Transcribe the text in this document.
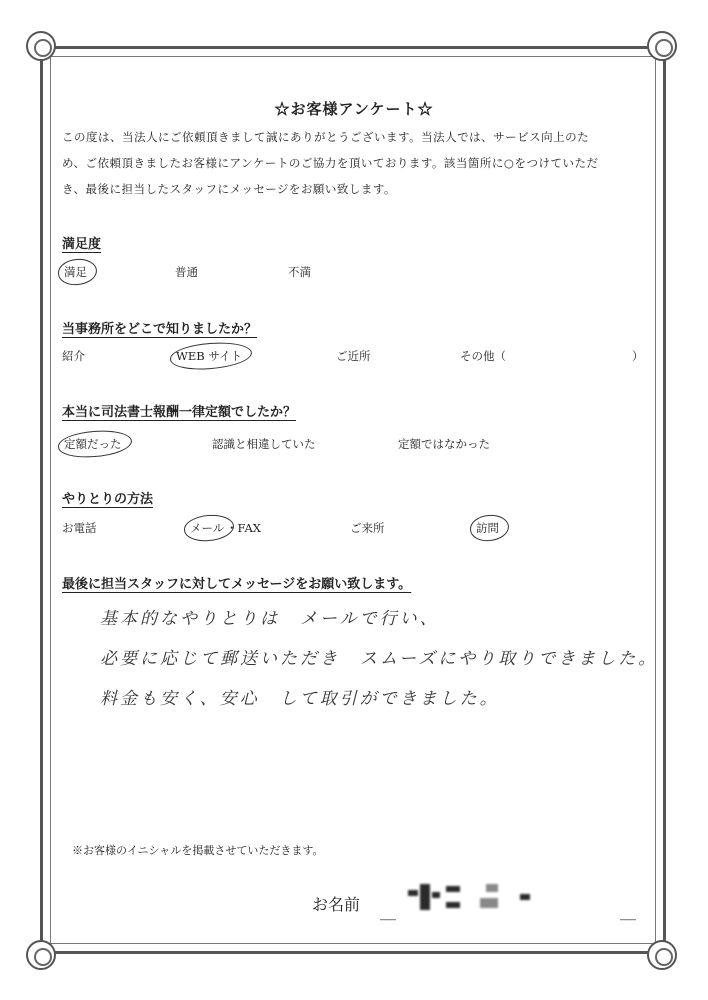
☆お客様アンケート☆

この度は、当法人にご依頼頂きまして誠にありがとうございます。当法人では、サービス向上のた

め、ご依頼頂きましたお客様にアンケートのご協力を頂いております。該当箇所に○をつけていただ

き、最後に担当したスタッフにメッセージをお願い致します。

満足度
満足	普通	不満
当事務所をどこで知りましたか？
紹介	WEB サイト	ご近所	その他（	）
本当に司法書士報酬一律定額でしたか？
定額だった	認識と相違していた	定額ではなかった
やりとりの方法
お電話	メール ・FAX	ご来所	訪問
最後に担当スタッフに対してメッセージをお願い致します。
基本的なやりとりは　メールで行い、
必要に応じて郵送いただき　スムーズにやり取りできました。
料金も安く、安心　して取引ができました。
※お客様のイニシャルを掲載させていただきます。
お名前 ＿	＿
